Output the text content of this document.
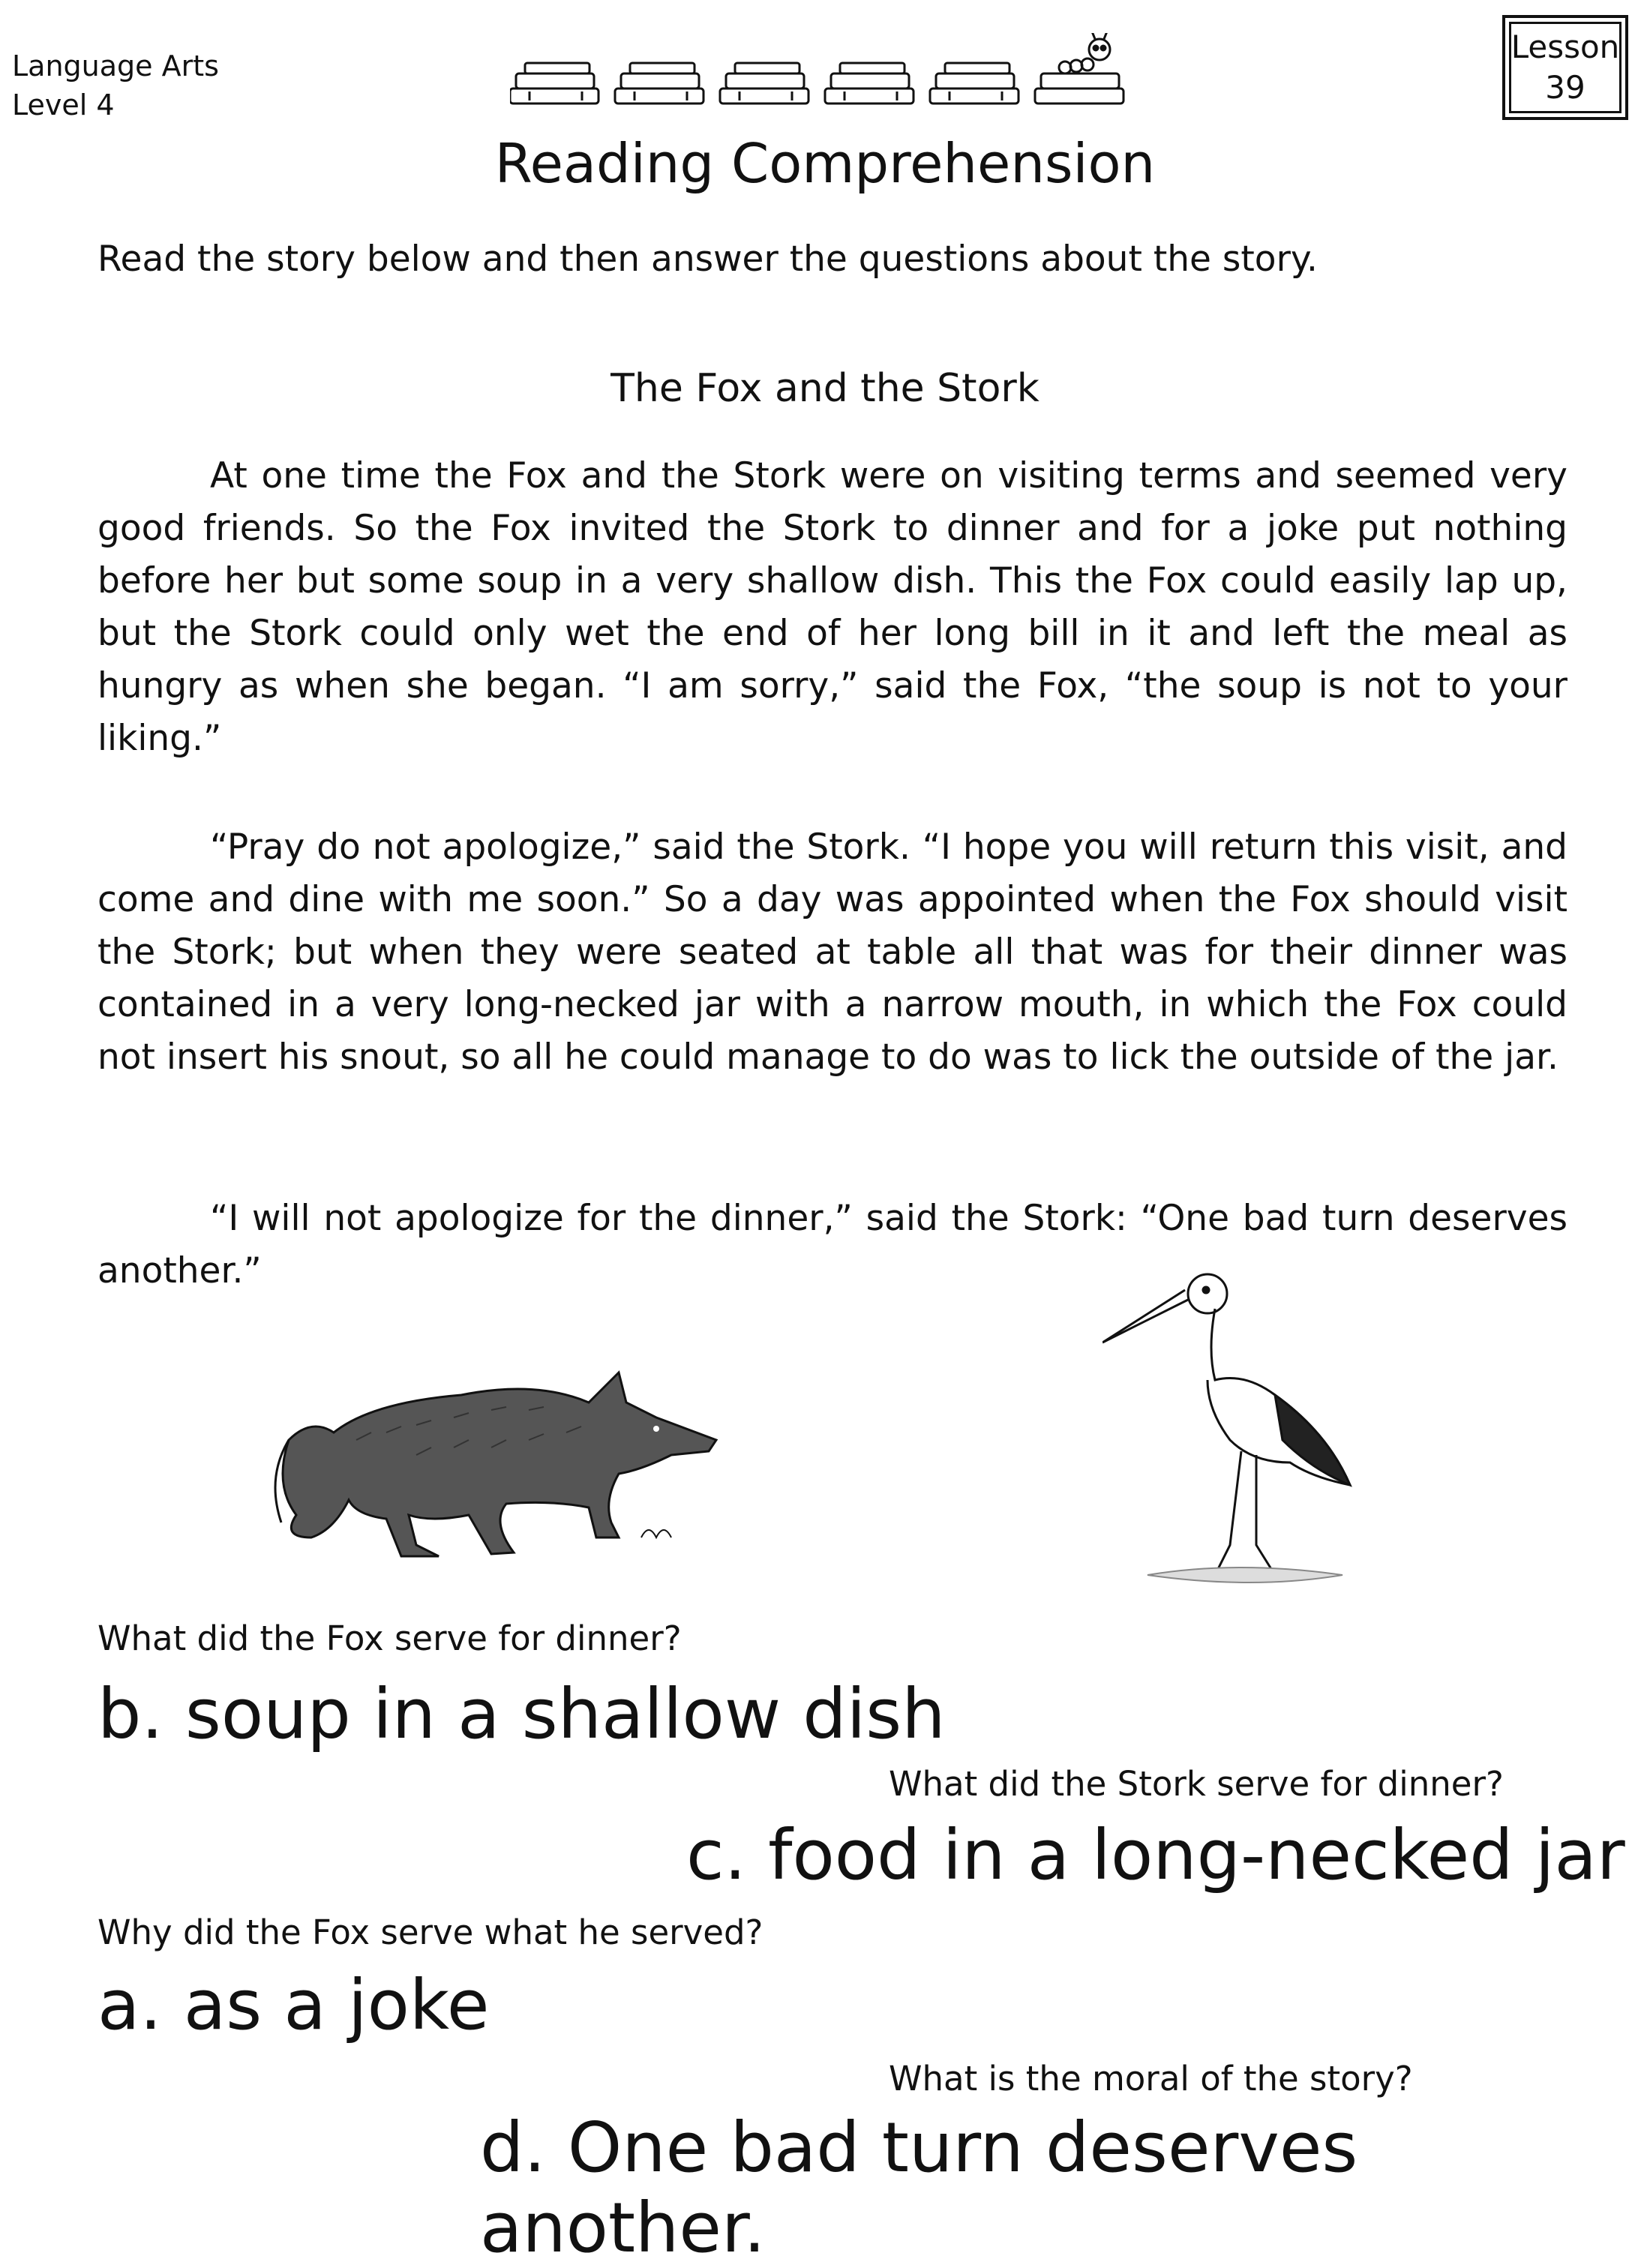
Language Arts
Level 4
Lesson
39
Reading Comprehension
Read the story below and then answer the questions about the story.
The Fox and the Stork

At one time the Fox and the Stork were on visiting terms and seemed very good friends. So the Fox invited the Stork to dinner and for a joke put nothing before her but some soup in a very shallow dish. This the Fox could easily lap up, but the Stork could only wet the end of her long bill in it and left the meal as hungry as when she began. “I am sorry,” said the Fox, “the soup is not to your liking.”

“Pray do not apologize,” said the Stork. “I hope you will return this visit, and come and dine with me soon.” So a day was appointed when the Fox should visit the Stork; but when they were seated at table all that was for their dinner was contained in a very long-necked jar with a narrow mouth, in which the Fox could not insert his snout, so all he could manage to do was to lick the outside of the jar.

“I will not apologize for the dinner,” said the Stork: “One bad turn deserves another.”

What did the Fox serve for dinner?
b. soup in a shallow dish
What did the Stork serve for dinner?
c. food in a long-necked jar
Why did the Fox serve what he served?
a. as a joke
What is the moral of the story?
d. One bad turn deserves another.
